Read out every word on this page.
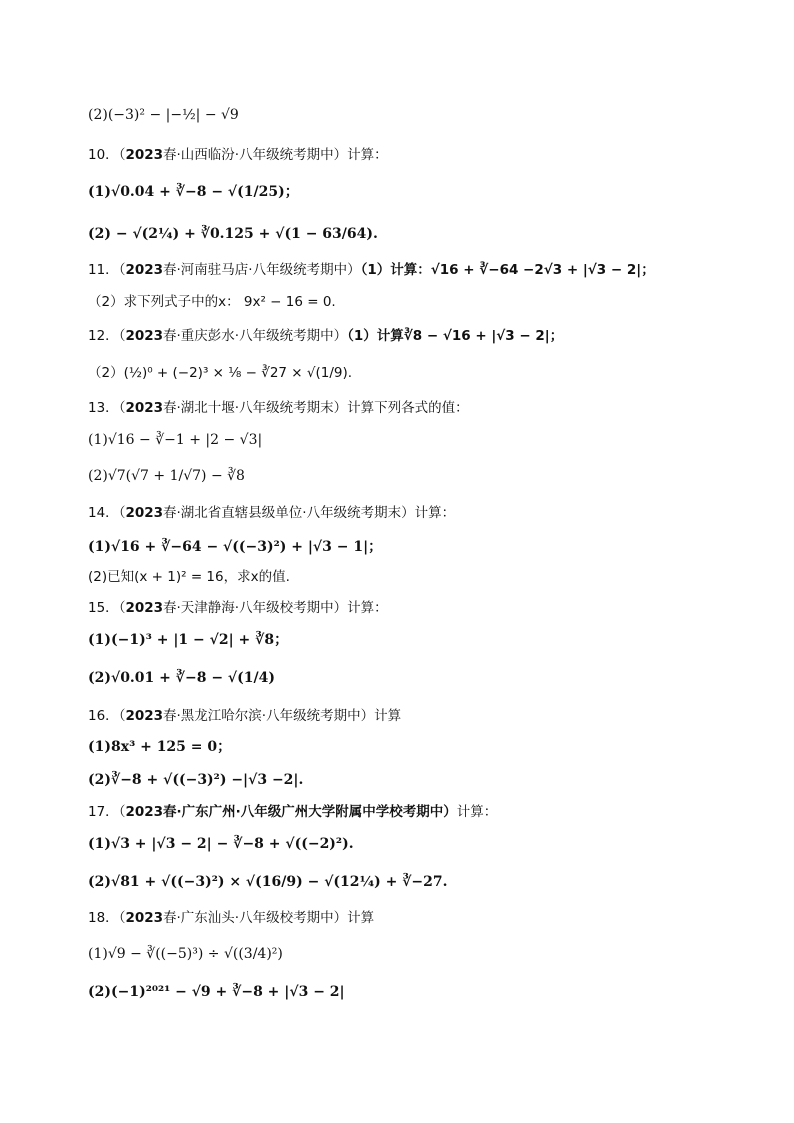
(2)(−3)² − |−½| − √9
10．（2023春·山西临汾·八年级统考期中）计算：
(1)√0.04 + ∛−8 − √(1/25)；
(2) − √(2¼) + ∛0.125 + √(1 − 63/64).
11．（2023春·河南驻马店·八年级统考期中）（1）计算：√16 + ∛−64 −2√3 + |√3 − 2|；
（2）求下列式子中的x： 9x² − 16 = 0.
12．（2023春·重庆彭水·八年级统考期中）（1）计算∛8 − √16 + |√3 − 2|；
（2）(½)⁰ + (−2)³ × ⅛ − ∛27 × √(1/9).
13．（2023春·湖北十堰·八年级统考期末）计算下列各式的值：
(1)√16 − ∛−1 + |2 − √3|
(2)√7(√7 + 1/√7) − ∛8
14．（2023春·湖北省直辖县级单位·八年级统考期末）计算：
(1)√16 + ∛−64 − √((−3)²) + |√3 − 1|；
(2)已知(x + 1)² = 16，求x的值.
15．（2023春·天津静海·八年级校考期中）计算：
(1)(−1)³ + |1 − √2| + ∛8；
(2)√0.01 + ∛−8 − √(1/4)
16．（2023春·黑龙江哈尔滨·八年级统考期中）计算
(1)8x³ + 125 = 0；
(2)∛−8 + √((−3)²) −|√3 −2|.
17．（2023春·广东广州·八年级广州大学附属中学校考期中）计算：
(1)√3 + |√3 − 2| − ∛−8 + √((−2)²).
(2)√81 + √((−3)²) × √(16/9) − √(12¼) + ∛−27.
18．（2023春·广东汕头·八年级校考期中）计算
(1)√9 − ∛((−5)³) ÷ √((3/4)²)
(2)(−1)²⁰²¹ − √9 + ∛−8 + |√3 − 2|
